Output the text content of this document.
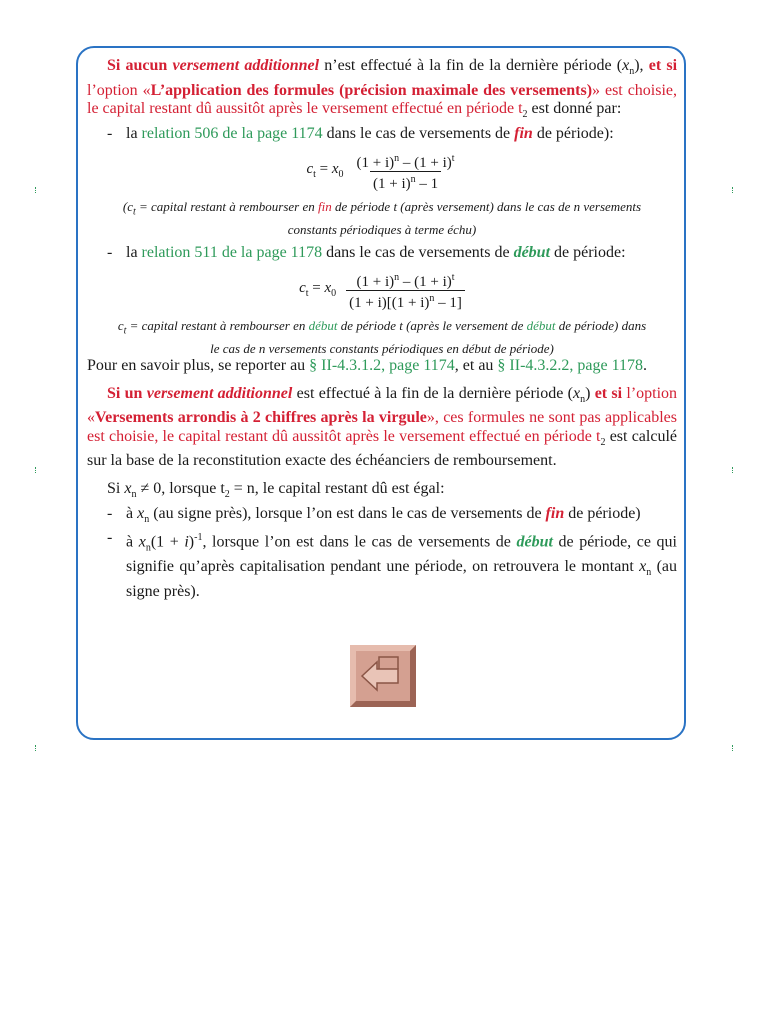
Si aucun versement additionnel n’est effectué à la fin de la dernière période $(x_n)$, et si l’option «L’application des formules (précision maximale des versements)» est choisie, le capital restant dû aussitôt après le versement effectué en période $t_2$ est donné par:

- la relation 506 de la page 1174 dans le cas de versements de fin de période):

$c_t = x_0 \frac{(1 + i)^n - (1 + i)^t}{(1 + i)^n - 1}$

($c_t$ = capital restant à rembourser en fin de période t (après versement) dans le cas de n versements constants périodiques à terme échu)

- la relation 511 de la page 1178 dans le cas de versements de début de période:

$c_t = x_0 \frac{(1 + i)^n - (1 + i)^t}{(1 + i)[(1 + i)^n - 1]}$

$c_t$ = capital restant à rembourser en début de période t (après le versement de début de période) dans le cas de n versements constants périodiques en début de période)

Pour en savoir plus, se reporter au § II-4.3.1.2, page 1174, et au § II-4.3.2.2, page 1178.

Si un versement additionnel est effectué à la fin de la dernière période $(x_n)$ et si l’option «Versements arrondis à 2 chiffres après la virgule», ces formules ne sont pas applicables est choisie, le capital restant dû aussitôt après le versement effectué en période $t_2$ est calculé sur la base de la reconstitution exacte des échéanciers de remboursement.

Si $x_n \ne 0$, lorsque $t_2 = n$, le capital restant dû est égal:

- à $x_n$ (au signe près), lorsque l’on est dans le cas de versements de fin de période)

- à $x_n(1 + i)^{-1}$, lorsque l’on est dans le cas de versements de début de période, ce qui signifie qu’après capitalisation pendant une période, on retrouvera le montant $x_n$ (au signe près).
